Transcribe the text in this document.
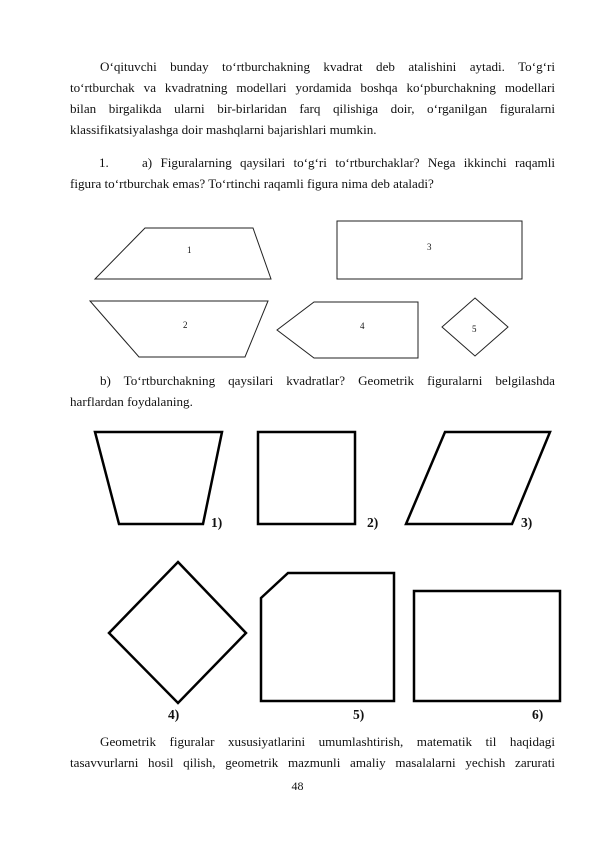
O‘qituvchi bunday to‘rtburchakning kvadrat deb atalishini aytadi. To‘g‘ri
to‘rtburchak va kvadratning modellari yordamida boshqa ko‘pburchakning modellari
bilan birgalikda ularni bir-birlaridan farq qilishiga doir, o‘rganilgan figuralarni
klassifikatsiyalashga doir mashqlarni bajarishlari mumkin.
1.	a) Figuralarning qaysilari to‘g‘ri to‘rtburchaklar? Nega ikkinchi raqamli
figura to‘rtburchak emas? To‘rtinchi raqamli figura nima deb ataladi?
1	3
2	4	5
b) To‘rtburchakning qaysilari kvadratlar? Geometrik figuralarni belgilashda
harflardan foydalaning.
1)	2)	3)
4)	5)	6)
Geometrik figuralar xususiyatlarini umumlashtirish, matematik til haqidagi
tasavvurlarni hosil qilish, geometrik mazmunli amaliy masalalarni yechish zarurati
48
